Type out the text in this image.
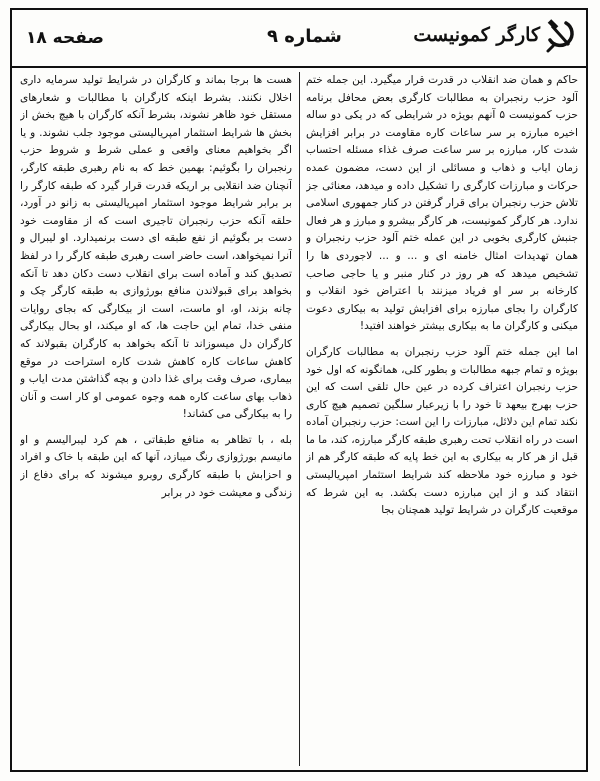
صفحه ۱۸	شماره ۹	کارگر کمونیست

حاکم و همان ضد انقلاب در قدرت قرار میگیرد. این جمله ختم آلود حزب رنجبران به مطالبات کارگری بعض محافل برنامه حزب کمونیست ۵ آنهم بویژه در شرایطی که در یکی دو ساله اخیره مبارزه بر سر ساعات کاره مقاومت در برابر افزایش شدت کار، مبارزه بر سر ساعت صرف غذاء مسئله احتساب زمان ایاب و ذهاب و مسائلی از این دست، مضمون عمده حرکات و مبارزات کارگری را تشکیل داده و میدهد، معنائی جز تلاش حزب رنجبران برای قرار گرفتن در کنار جمهوری اسلامی ندارد. هر کارگر کمونیست، هر کارگر بیشرو و مبارز و هر فعال جنبش کارگری بخوبی در این عمله ختم آلود حزب رنجبران و همان تهدیدات امثال خامنه ای و ... و ... لاجوردی ها را تشخیص میدهد که هر روز در کنار منبر و یا حاجی صاحب کارخانه بر سر او فریاد میزنند با اعتراض خود انقلاب و کارگران را بجای مبارزه برای افزایش تولید به بیکاری دعوت میکنی و کارگران ما به بیکاری بیشتر خواهند افتید!

اما این جمله ختم آلود حزب رنجبران به مطالبات کارگران بویژه و تمام جبهه مطالبات و بطور کلی، همانگونه که اول خود حزب رنجبران اعتراف کرده در عین حال تلقی است که این حزب بهرج بیعهد تا خود را با زیرعبار سلگین تصمیم هیچ کاری نکند تمام این دلائل، مبارزات را این است: حزب رنجبران آماده است در راه انقلاب تحت رهبری طبقه کارگر مبارزه، کند، ما ما قبل از هر کار به بیکاری به این خط پایه که طبقه کارگر هم از خود و مبارزه خود ملاحظه کند شرایط استثمار امپریالیستی انتقاد کند و از این مبارزه دست بکشد. به این شرط که موقعیت کارگران در شرایط تولید همچنان بجا

هست ها برجا بماند و کارگران در شرایط تولید سرمایه داری اخلال نکنند. بشرط اینکه کارگران با مطالبات و شعارهای مستقل خود ظاهر نشوند، بشرط آنکه کارگران با هیچ بخش از بخش ها شرایط استثمار امپریالیستی موجود جلب نشوند. و یا اگر بخواهیم معنای واقعی و عملی شرط و شروط حزب رنجبران را بگوئیم: بهمین خط که به نام رهبری طبقه کارگر، آنچنان ضد انقلابی بر اریکه قدرت قرار گیرد که طبقه کارگر را بر برابر شرایط موجود استثمار امپریالیستی به زانو در آورد، حلقه آنکه حزب رنجبران تاجیری است که از مقاومت خود دست بر بگوئیم از نفع طبقه ای دست برنمیدارد. او لیبرال و آنرا نمیخواهد، است حاضر است رهبری طبقه کارگر را در لفظ تصدیق کند و آماده است برای انقلاب دست دکان دهد تا آنکه بخواهد برای قبولاندن منافع بورژوازی به طبقه کارگر چک و چانه بزند، او، او ماست، است از بیکارگی که بجای روایات منفی خدا، تمام این حاجت ها، که او میکند، او بحال بیکارگی کارگران دل میسوزاند تا آنکه بخواهد به کارگران بقبولاند که کاهش ساعات کاره کاهش شدت کاره استراحت در موقع بیماری، صرف وقت برای غذا دادن و بچه گذاشتن مدت ایاب و ذهاب بهای ساعت کاره همه وجوه عمومی او کار است و آنان را به بیکارگی می کشاند!

بله ، با تظاهر به منافع طبقاتی ، هم کرد لیبرالیسم و او مانیسم بورژوازی رنگ میبازد، آنها که این طبقه با خاک و افراد و احزابش با طبقه کارگری روبرو میشوند که برای دفاع از زندگی و معیشت خود در برابر
